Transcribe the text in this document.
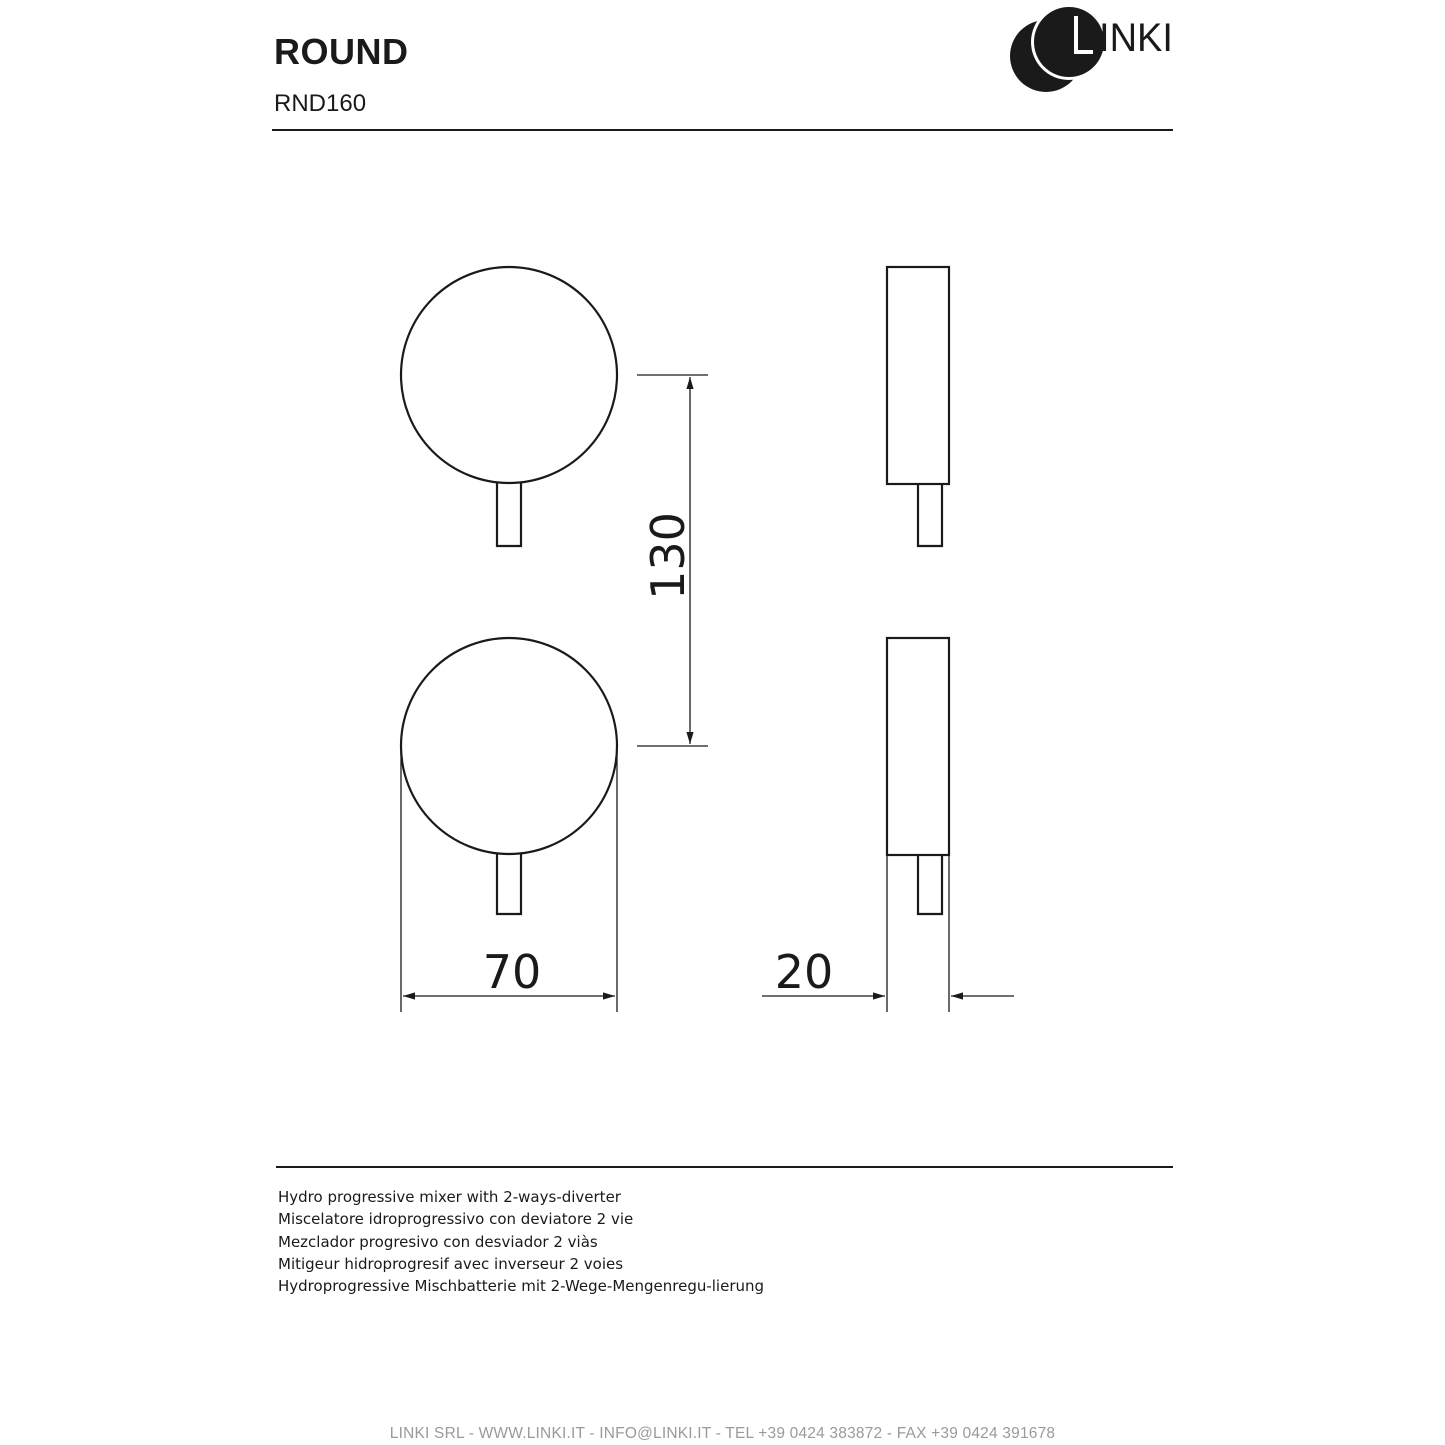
ROUND
RND160
INKI
130
70	20
Hydro progressive mixer with 2-ways-diverter
Miscelatore idroprogressivo con deviatore 2 vie
Mezclador progresivo con desviador 2 viàs
Mitigeur hidroprogresif avec inverseur 2 voies
Hydroprogressive Mischbatterie mit 2-Wege-Mengenregu-lierung
LINKI SRL - WWW.LINKI.IT - INFO@LINKI.IT - TEL +39 0424 383872 - FAX +39 0424 391678
